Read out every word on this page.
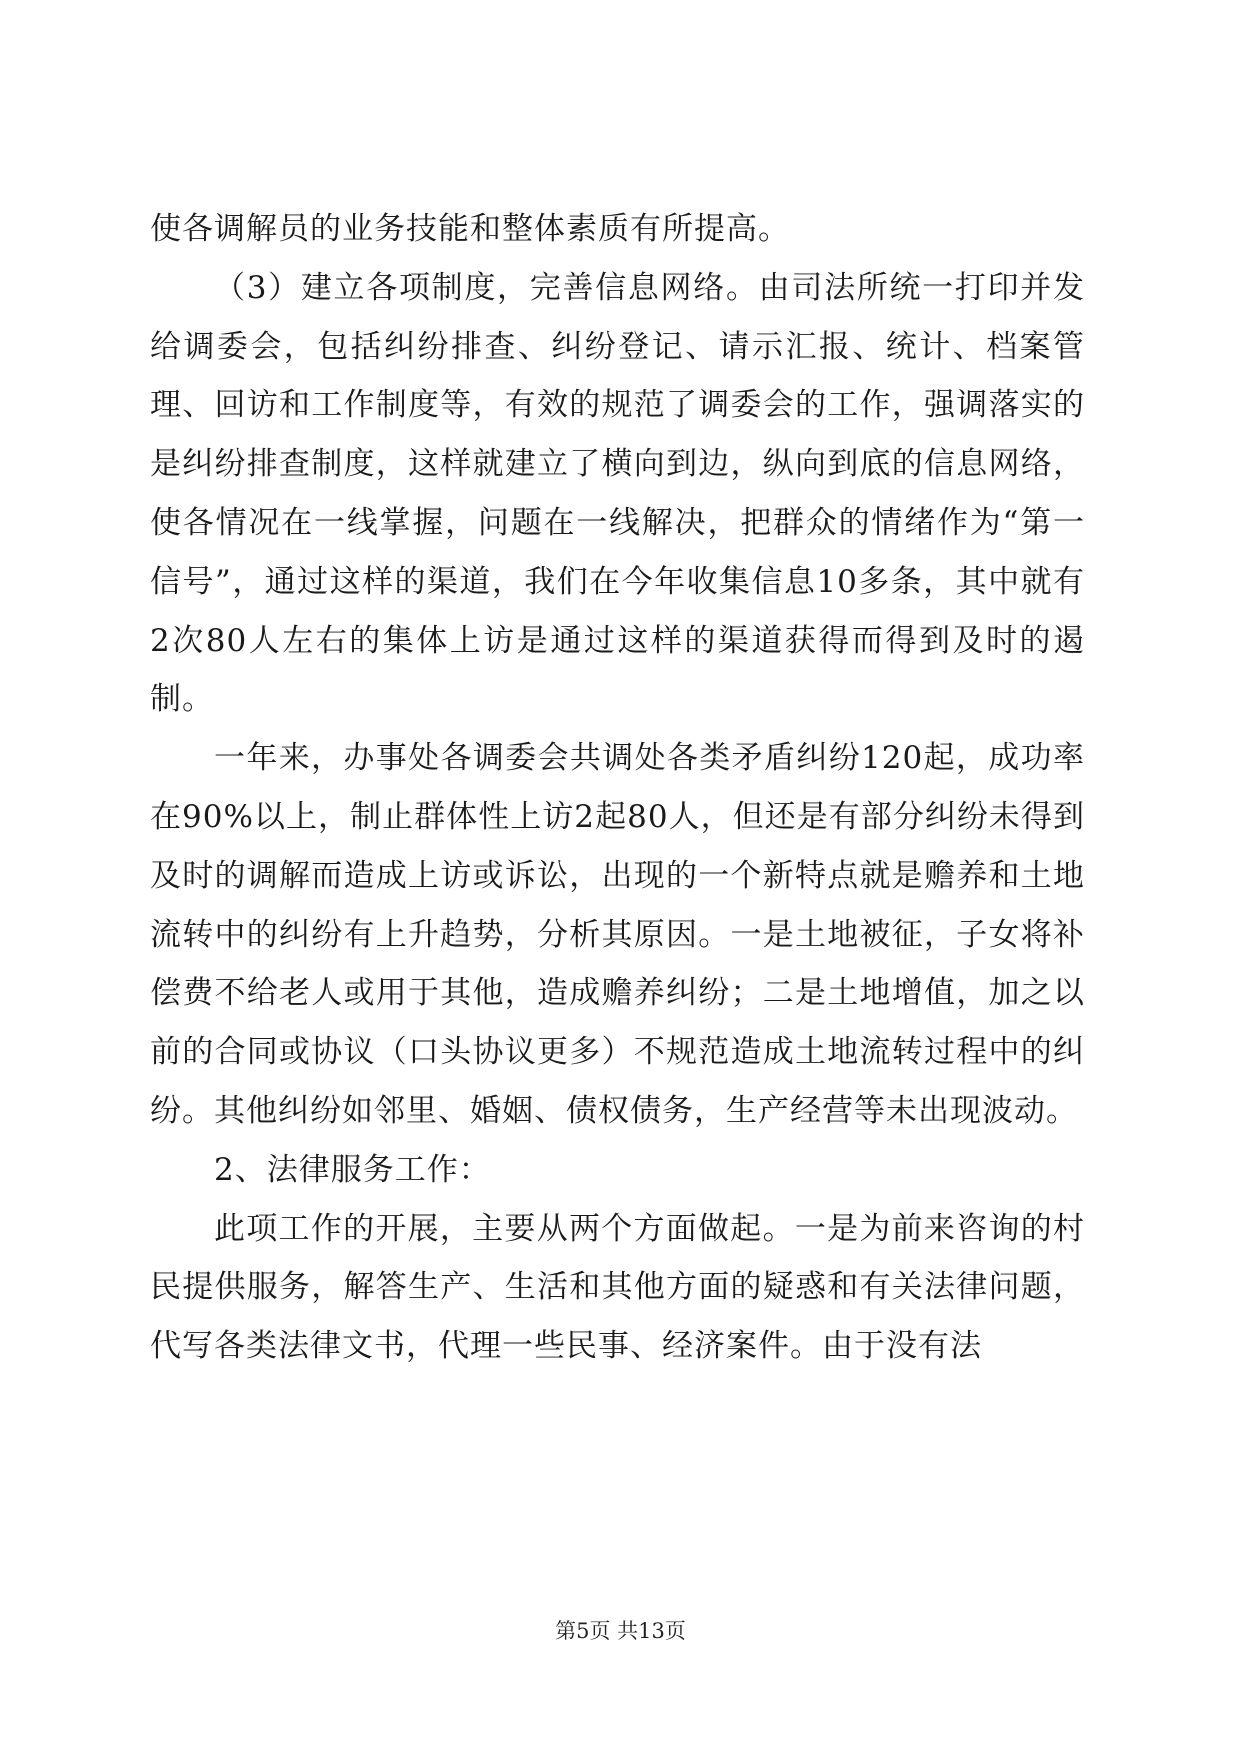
使各调解员的业务技能和整体素质有所提高。

（3）建立各项制度，完善信息网络。由司法所统一打印并发给调委会，包括纠纷排查、纠纷登记、请示汇报、统计、档案管理、回访和工作制度等，有效的规范了调委会的工作，强调落实的是纠纷排查制度，这样就建立了横向到边，纵向到底的信息网络，使各情况在一线掌握，问题在一线解决，把群众的情绪作为“第一信号”，通过这样的渠道，我们在今年收集信息10多条，其中就有2次80人左右的集体上访是通过这样的渠道获得而得到及时的遏制。

一年来，办事处各调委会共调处各类矛盾纠纷120起，成功率在90%以上，制止群体性上访2起80人，但还是有部分纠纷未得到及时的调解而造成上访或诉讼，出现的一个新特点就是赡养和土地流转中的纠纷有上升趋势，分析其原因。一是土地被征，子女将补偿费不给老人或用于其他，造成赡养纠纷；二是土地增值，加之以前的合同或协议（口头协议更多）不规范造成土地流转过程中的纠纷。其他纠纷如邻里、婚姻、债权债务，生产经营等未出现波动。

2、法律服务工作：

此项工作的开展，主要从两个方面做起。一是为前来咨询的村民提供服务，解答生产、生活和其他方面的疑惑和有关法律问题，代写各类法律文书，代理一些民事、经济案件。由于没有法

第5页 共13页
